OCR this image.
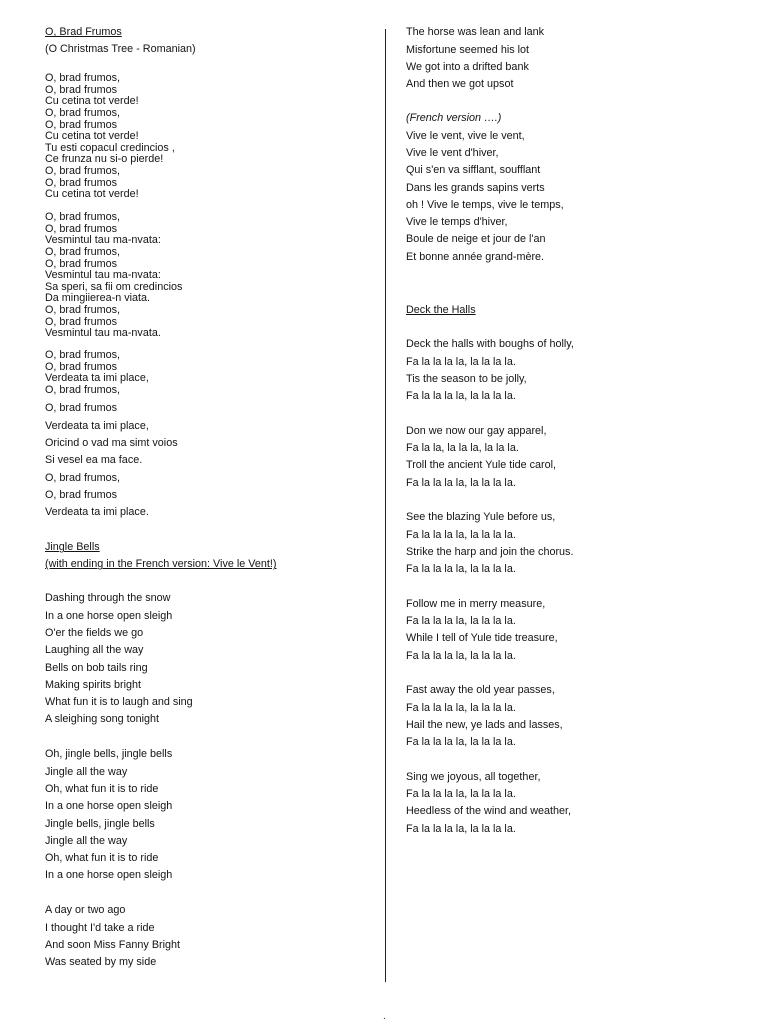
O, Brad Frumos
(O Christmas Tree - Romanian)
O, brad frumos,
O, brad frumos
Cu cetina tot verde!
O, brad frumos,
O, brad frumos
Cu cetina tot verde!
Tu esti copacul credincios ,
Ce frunza nu si-o pierde!
O, brad frumos,
O, brad frumos
Cu cetina tot verde!
O, brad frumos,
O, brad frumos
Vesmintul tau ma-nvata:
O, brad frumos,
O, brad frumos
Vesmintul tau ma-nvata:
Sa speri, sa fii om credincios
Da mingiierea-n viata.
O, brad frumos,
O, brad frumos
Vesmintul tau ma-nvata.
O, brad frumos,
O, brad frumos
Verdeata ta imi place,
O, brad frumos,
O, brad frumos
Verdeata ta imi place,
Oricind o vad ma simt voios
Si vesel ea ma face.
O, brad frumos,
O, brad frumos
Verdeata ta imi place.
Jingle Bells
(with ending in the French version: Vive le Vent!)
Dashing through the snow
In a one horse open sleigh
O'er the fields we go
Laughing all the way
Bells on bob tails ring
Making spirits bright
What fun it is to laugh and sing
A sleighing song tonight
Oh, jingle bells, jingle bells
Jingle all the way
Oh, what fun it is to ride
In a one horse open sleigh
Jingle bells, jingle bells
Jingle all the way
Oh, what fun it is to ride
In a one horse open sleigh
A day or two ago
I thought I'd take a ride
And soon Miss Fanny Bright
Was seated by my side
The horse was lean and lank
Misfortune seemed his lot
We got into a drifted bank
And then we got upsot
(French version ….)
Vive le vent, vive le vent,
Vive le vent d'hiver,
Qui s'en va sifflant, soufflant
Dans les grands sapins verts
oh ! Vive le temps, vive le temps,
Vive le temps d'hiver,
Boule de neige et jour de l'an
Et bonne année grand-mère.
Deck the Halls
Deck the halls with boughs of holly,
Fa la la la la, la la la la.
Tis the season to be jolly,
Fa la la la la, la la la la.
Don we now our gay apparel,
Fa la la, la la la, la la la.
Troll the ancient Yule tide carol,
Fa la la la la, la la la la.
See the blazing Yule before us,
Fa la la la la, la la la la.
Strike the harp and join the chorus.
Fa la la la la, la la la la.
Follow me in merry measure,
Fa la la la la, la la la la.
While I tell of Yule tide treasure,
Fa la la la la, la la la la.
Fast away the old year passes,
Fa la la la la, la la la la.
Hail the new, ye lads and lasses,
Fa la la la la, la la la la.
Sing we joyous, all together,
Fa la la la la, la la la la.
Heedless of the wind and weather,
Fa la la la la, la la la la.
.
